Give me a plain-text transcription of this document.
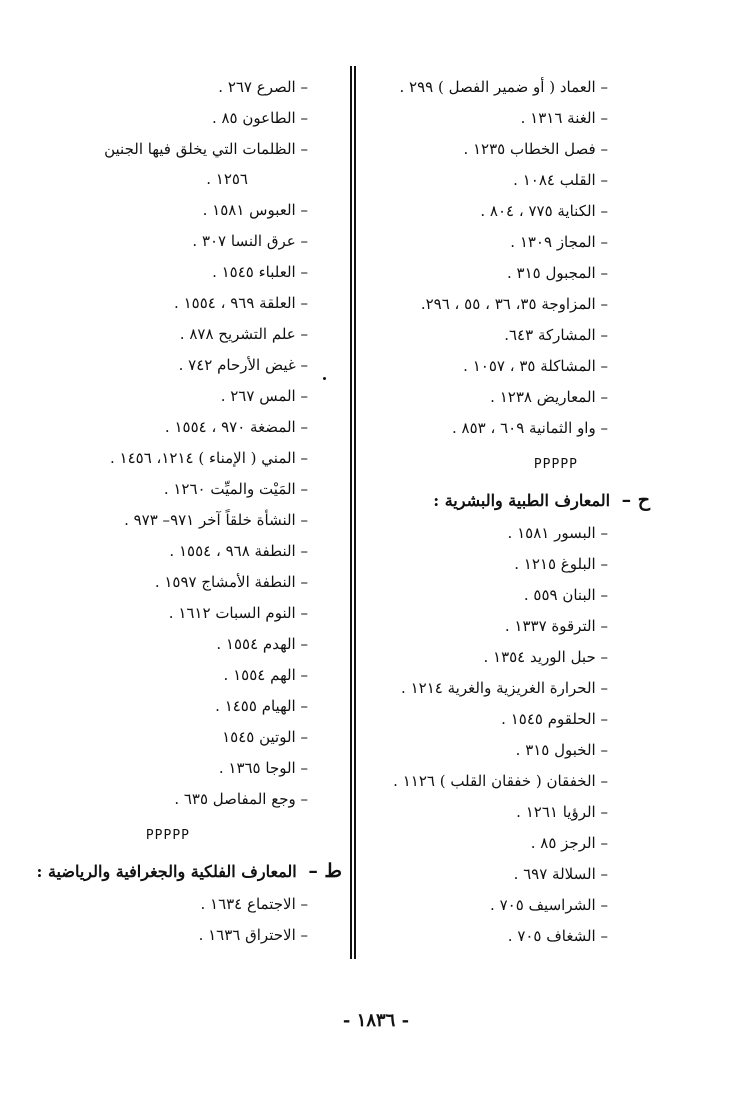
– العماد ( أو ضمير الفصل ) ٢٩٩ .
– الغنة ١٣١٦ .
– فصل الخطاب ١٢٣٥ .
– القلب ١٠٨٤ .
– الكناية ٧٧٥ ، ٨٠٤ .
– المجاز ١٣٠٩ .
– المجبول ٣١٥ .
– المزاوجة ٣٥، ٣٦ ، ٥٥ ، ٢٩٦.
– المشاركة ٦٤٣.
– المشاكلة ٣٥ ، ١٠٥٧ .
– المعاريض ١٢٣٨ .
– واو الثمانية ٦٠٩ ، ٨٥٣ .
PPPPP
ح – المعارف الطبية والبشرية :
– البسور ١٥٨١ .
– البلوغ ١٢١٥ .
– البنان ٥٥٩ .
– الترقوة ١٣٣٧ .
– حبل الوريد ١٣٥٤ .
– الحرارة الغريزية والغرية ١٢١٤ .
– الحلقوم ١٥٤٥ .
– الخبول ٣١٥ .
– الخفقان ( خفقان القلب ) ١١٢٦ .
– الرؤيا ١٢٦١ .
– الرجز ٨٥ .
– السلالة ٦٩٧ .
– الشراسيف ٧٠٥ .
– الشغاف ٧٠٥ .
– الصرع ٢٦٧ .
– الطاعون ٨٥ .
– الظلمات التي يخلق فيها الجنين
١٢٥٦ .
– العبوس ١٥٨١ .
– عرق النسا ٣٠٧ .
– العلباء ١٥٤٥ .
– العلقة ٩٦٩ ، ١٥٥٤ .
– علم التشريح ٨٧٨ .
– غيض الأرحام ٧٤٢ .
– المس ٢٦٧ .
– المضغة ٩٧٠ ، ١٥٥٤ .
– المني ( الإمناء ) ١٢١٤، ١٤٥٦ .
– المَيْت والميِّت ١٢٦٠ .
– النشأة خلقاً آخر ٩٧١– ٩٧٣ .
– النطفة ٩٦٨ ، ١٥٥٤ .
– النطفة الأمشاج ١٥٩٧ .
– النوم السبات ١٦١٢ .
– الهدم ١٥٥٤ .
– الهم ١٥٥٤ .
– الهيام ١٤٥٥ .
– الوتين ١٥٤٥
– الوجا ١٣٦٥ .
– وجع المفاصل ٦٣٥ .
PPPPP
ط – المعارف الفلكية والجغرافية والرياضية :
– الاجتماع ١٦٣٤ .
– الاحتراق ١٦٣٦ .
- ١٨٣٦ -
